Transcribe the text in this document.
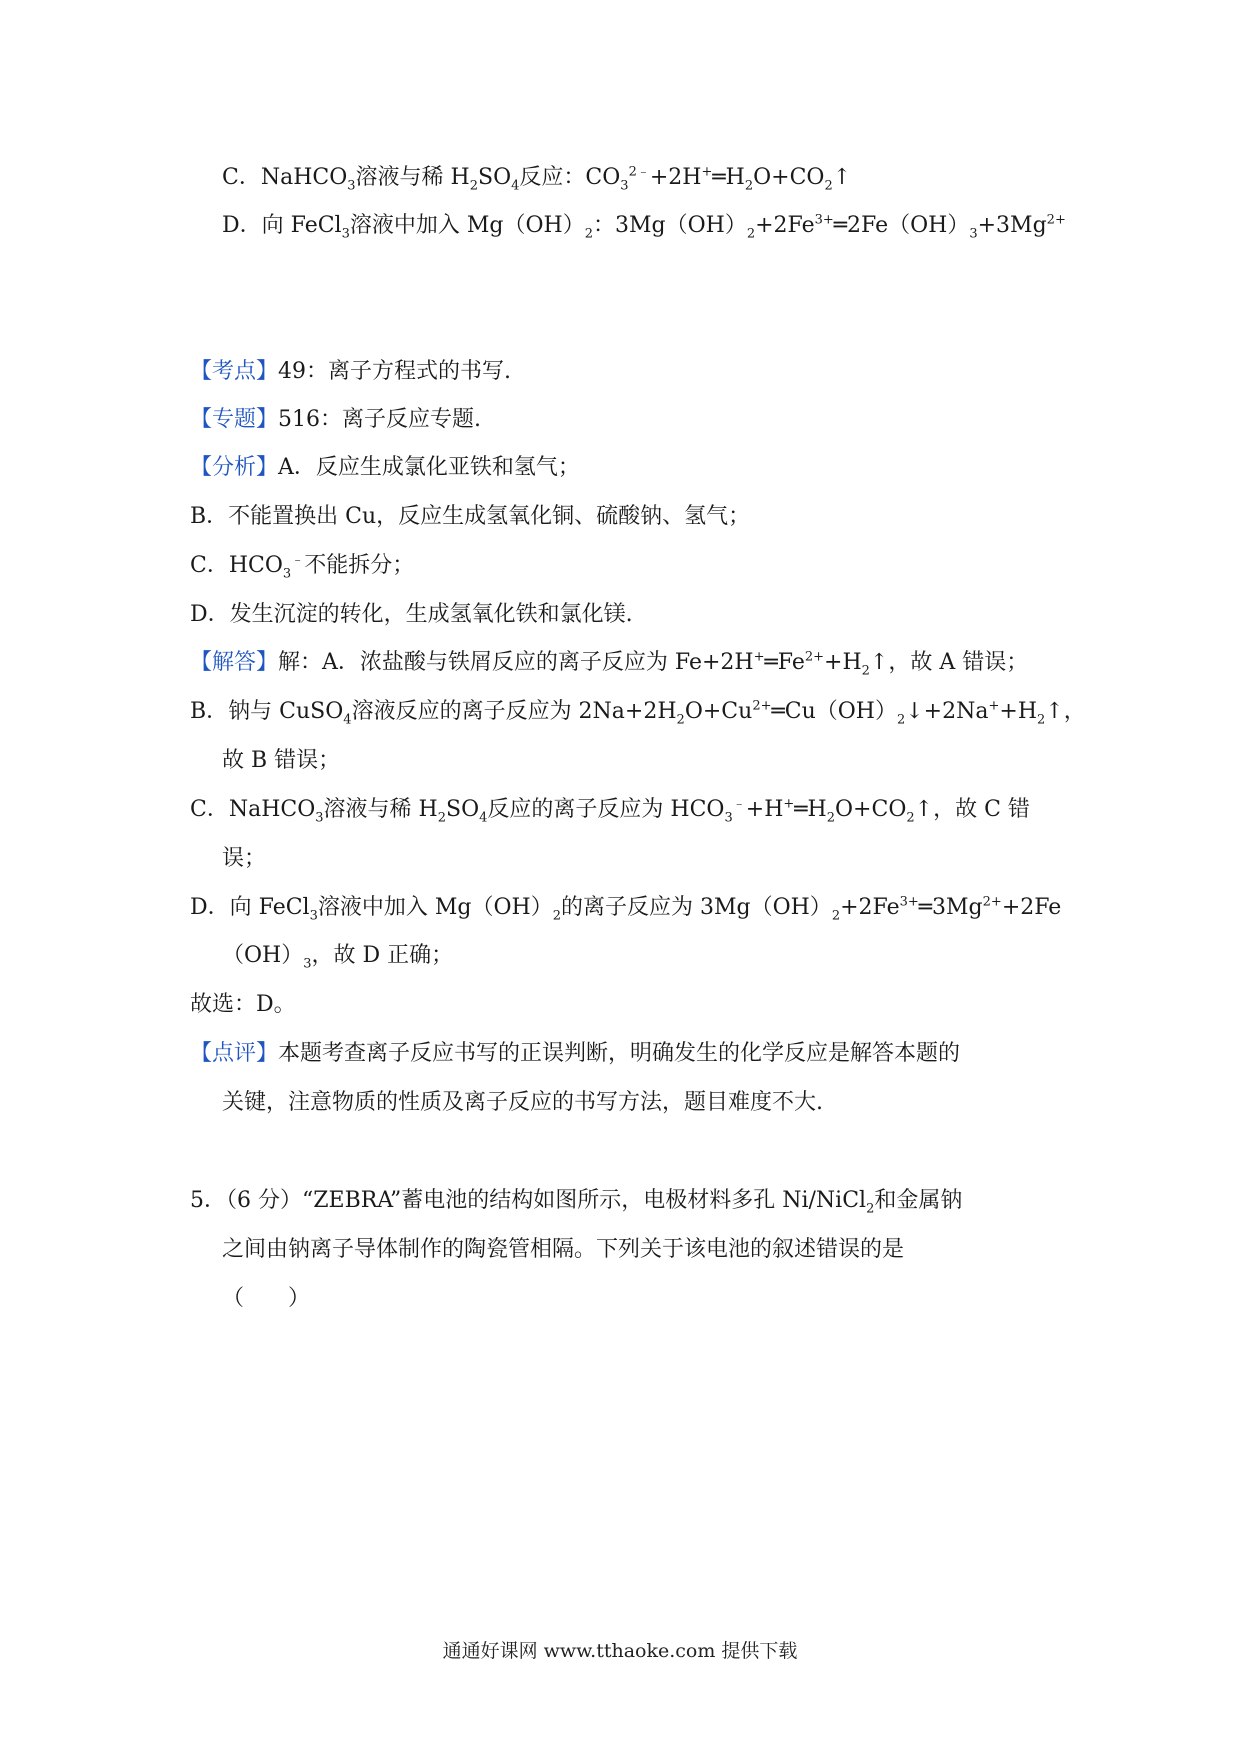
C．NaHCO$_3$溶液与稀 $H_2SO_4$反应：$CO_3^{2﹣}+2H^+═H_2O+CO_2↑$
D．向 FeCl$_3$溶液中加入 $Mg(OH)_2$：$3Mg(OH)_2+2Fe^{3+}═2Fe(OH)_3+3Mg^{2+}$
【考点】49：离子方程式的书写.
【专题】516：离子反应专题.
【分析】A．反应生成氯化亚铁和氢气；
B．不能置换出 Cu，反应生成氢氧化铜、硫酸钠、氢气；
C．$HCO_3^﹣$不能拆分；
D．发生沉淀的转化，生成氢氧化铁和氯化镁.
【解答】解：A．浓盐酸与铁屑反应的离子反应为 $Fe+2H^+═Fe^{2+}+H_2↑$，故 A 错误；
B．钠与 CuSO$_4$溶液反应的离子反应为 $2Na+2H_2O+Cu^{2+}═Cu(OH)_2↓+2Na^++H_2↑$，
故 B 错误；
C．NaHCO$_3$溶液与稀 $H_2SO_4$反应的离子反应为 $HCO_3^﹣+H^+═H_2O+CO_2↑$，故 C 错
误；
D．向 FeCl$_3$溶液中加入 $Mg(OH)_2$的离子反应为 $3Mg(OH)_2+2Fe^{3+}═3Mg^{2+}+2Fe$
$(OH)_3$，故 D 正确；
故选：D。
【点评】本题考查离子反应书写的正误判断，明确发生的化学反应是解答本题的
关键，注意物质的性质及离子反应的书写方法，题目难度不大.
5．（6 分）“ZEBRA”蓄电池的结构如图所示，电极材料多孔 Ni/NiCl$_2$和金属钠
之间由钠离子导体制作的陶瓷管相隔。下列关于该电池的叙述错误的是
（　　）
通通好课网 www.tthaoke.com 提供下载
